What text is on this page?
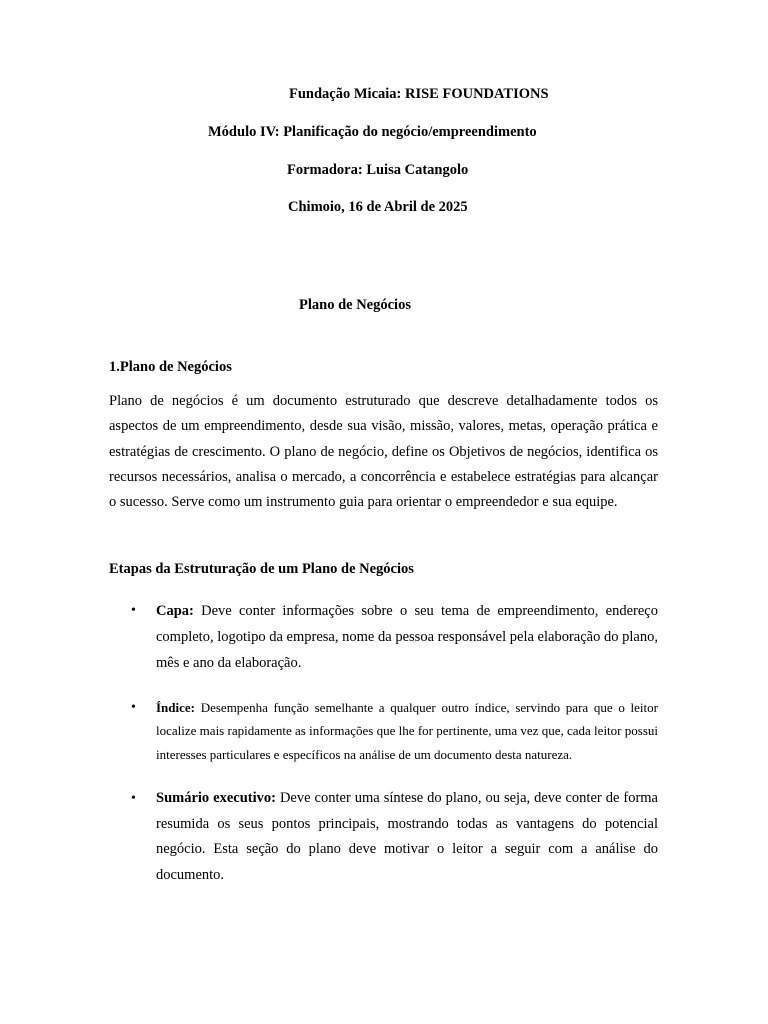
Fundação Micaia: RISE FOUNDATIONS
Módulo IV: Planificação do negócio/empreendimento
Formadora: Luisa Catangolo
Chimoio, 16 de Abril de 2025
Plano de Negócios
1.Plano de Negócios

Plano de negócios é um documento estruturado que descreve detalhadamente todos os aspectos de um empreendimento, desde sua visão, missão, valores, metas, operação prática e estratégias de crescimento. O plano de negócio, define os Objetivos de negócios, identifica os recursos necessários, analisa o mercado, a concorrência e estabelece estratégias para alcançar o sucesso. Serve como um instrumento guia para orientar o empreendedor e sua equipe.

Etapas da Estruturação de um Plano de Negócios
• Capa: Deve conter informações sobre o seu tema de empreendimento, endereço completo, logotipo da empresa, nome da pessoa responsável pela elaboração do plano, mês e ano da elaboração.
• Índice: Desempenha função semelhante a qualquer outro índice, servindo para que o leitor localize mais rapidamente as informações que lhe for pertinente, uma vez que, cada leitor possui interesses particulares e específicos na análise de um documento desta natureza.
• Sumário executivo: Deve conter uma síntese do plano, ou seja, deve conter de forma resumida os seus pontos principais, mostrando todas as vantagens do potencial negócio. Esta seção do plano deve motivar o leitor a seguir com a análise do documento.
